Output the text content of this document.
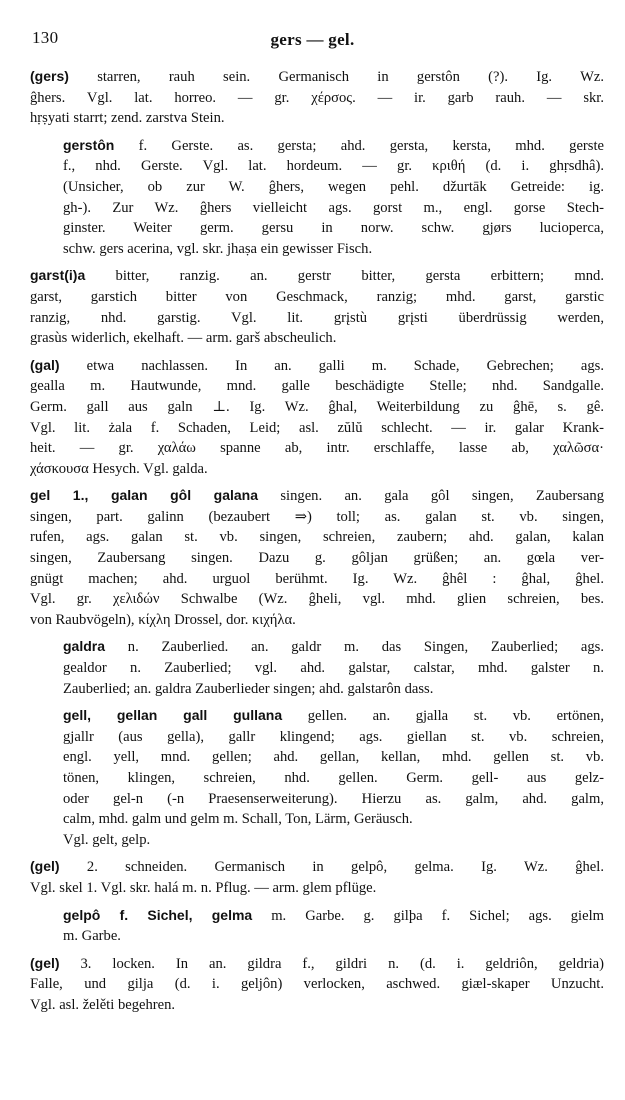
130	gers — gel.
(gers) starren, rauh sein. Germanisch in gerstôn (?). Ig. Wz.
ĝhers. Vgl. lat. horreo. — gr. χέρσος. — ir. garb rauh. — skr.
hṛṣyati starrt; zend. zarstva Stein.
gerstôn f. Gerste. as. gersta; ahd. gersta, kersta, mhd. gerste
f., nhd. Gerste. Vgl. lat. hordeum. — gr. κριθή (d. i. ghṛsdhâ).
(Unsicher, ob zur W. ĝhers, wegen pehl. džurtāk Getreide: ig.
gh-). Zur Wz. ĝhers vielleicht ags. gorst m., engl. gorse Stech-
ginster. Weiter germ. gersu in norw. schw. gjørs lucioperca,
schw. gers acerina, vgl. skr. jhaṣa ein gewisser Fisch.
garst(i)a bitter, ranzig. an. gerstr bitter, gersta erbittern; mnd.
garst, garstich bitter von Geschmack, ranzig; mhd. garst, garstic
ranzig, nhd. garstig. Vgl. lit. grįstù grįsti überdrüssig werden,
grasùs widerlich, ekelhaft. — arm. garš abscheulich.
(gal) etwa nachlassen. In an. galli m. Schade, Gebrechen; ags.
gealla m. Hautwunde, mnd. galle beschädigte Stelle; nhd. Sandgalle.
Germ. gall aus galn ⊥. Ig. Wz. ĝhal, Weiterbildung zu ĝhē, s. gê.
Vgl. lit. żala f. Schaden, Leid; asl. zŭlŭ schlecht. — ir. galar Krank-
heit. — gr. χαλάω spanne ab, intr. erschlaffe, lasse ab, χαλῶσα·
χάσκουσα Hesych. Vgl. galda.
gel 1., galan gôl galana singen. an. gala gôl singen, Zaubersang
singen, part. galinn (bezaubert ⇒) toll; as. galan st. vb. singen,
rufen, ags. galan st. vb. singen, schreien, zaubern; ahd. galan, kalan
singen, Zaubersang singen. Dazu g. gôljan grüßen; an. gœla ver-
gnügt machen; ahd. urguol berühmt. Ig. Wz. ĝhêl : ĝhal, ĝhel.
Vgl. gr. χελιδών Schwalbe (Wz. ĝheli, vgl. mhd. glien schreien, bes.
von Raubvögeln), κίχλη Drossel, dor. κιχήλα.
galdra n. Zauberlied. an. galdr m. das Singen, Zauberlied; ags.
gealdor n. Zauberlied; vgl. ahd. galstar, calstar, mhd. galster n.
Zauberlied; an. galdra Zauberlieder singen; ahd. galstarôn dass.
gell, gellan gall gullana gellen. an. gjalla st. vb. ertönen,
gjallr (aus gella), gallr klingend; ags. giellan st. vb. schreien,
engl. yell, mnd. gellen; ahd. gellan, kellan, mhd. gellen st. vb.
tönen, klingen, schreien, nhd. gellen. Germ. gell- aus gelz-
oder gel-n (-n Praesenserweiterung). Hierzu as. galm, ahd. galm,
calm, mhd. galm und gelm m. Schall, Ton, Lärm, Geräusch.
Vgl. gelt, gelp.
(gel) 2. schneiden. Germanisch in gelpô, gelma. Ig. Wz. ĝhel.
Vgl. skel 1. Vgl. skr. halá m. n. Pflug. — arm. glem pflüge.
gelpô f. Sichel, gelma m. Garbe. g. gilþa f. Sichel; ags. gielm
m. Garbe.
(gel) 3. locken. In an. gildra f., gildri n. (d. i. geldriôn, geldria)
Falle, und gilja (d. i. geljôn) verlocken, aschwed. giæl-skaper Unzucht.
Vgl. asl. želěti begehren.
